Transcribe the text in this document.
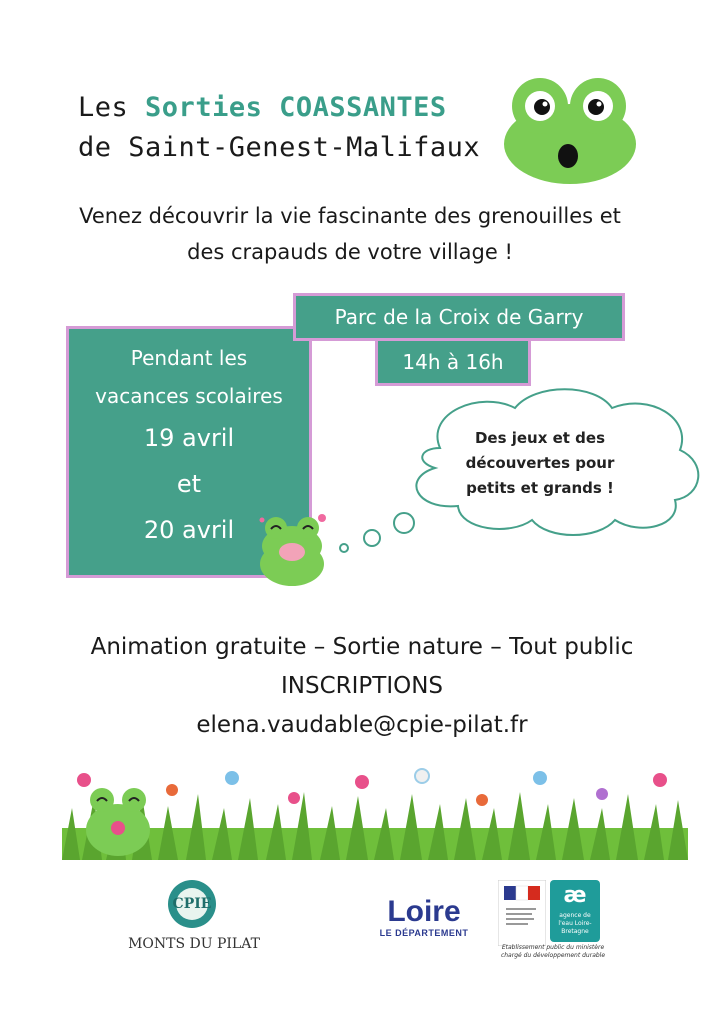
Les Sorties COASSANTES
de Saint-Genest-Malifaux
Venez découvrir la vie fascinante des grenouilles et
des crapauds de votre village !
Pendant les
vacances scolaires
19 avril
et
20 avril
Parc de la Croix de Garry
14h à 16h
Des jeux et des
découvertes pour
petits et grands !
Animation gratuite – Sortie nature – Tout public
INSCRIPTIONS
elena.vaudable@cpie-pilat.fr
CPIE
MONTS DU PILAT
Loire
LE DÉPARTEMENT
æ
agence de l'eau Loire-Bretagne
Etablissement public du ministère
chargé du développement durable
